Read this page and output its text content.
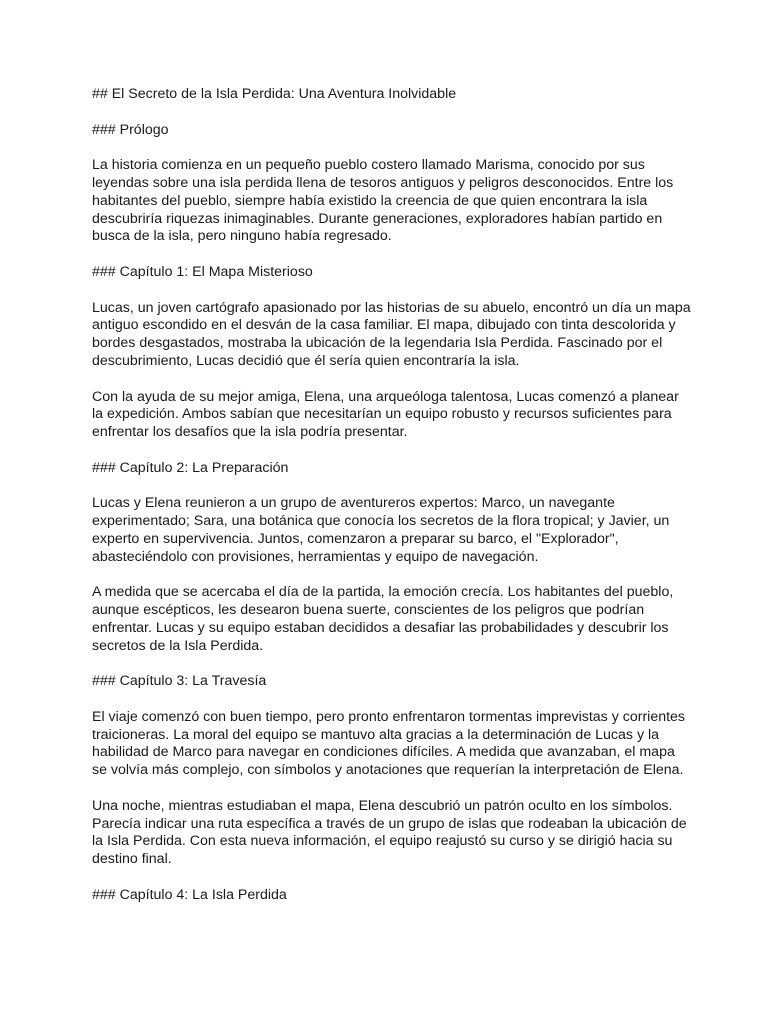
## El Secreto de la Isla Perdida: Una Aventura Inolvidable

### Prólogo

La historia comienza en un pequeño pueblo costero llamado Marisma, conocido por sus leyendas sobre una isla perdida llena de tesoros antiguos y peligros desconocidos. Entre los habitantes del pueblo, siempre había existido la creencia de que quien encontrara la isla descubriría riquezas inimaginables. Durante generaciones, exploradores habían partido en busca de la isla, pero ninguno había regresado.

### Capítulo 1: El Mapa Misterioso

Lucas, un joven cartógrafo apasionado por las historias de su abuelo, encontró un día un mapa antiguo escondido en el desván de la casa familiar. El mapa, dibujado con tinta descolorida y bordes desgastados, mostraba la ubicación de la legendaria Isla Perdida. Fascinado por el descubrimiento, Lucas decidió que él sería quien encontraría la isla.

Con la ayuda de su mejor amiga, Elena, una arqueóloga talentosa, Lucas comenzó a planear la expedición. Ambos sabían que necesitarían un equipo robusto y recursos suficientes para enfrentar los desafíos que la isla podría presentar.

### Capítulo 2: La Preparación

Lucas y Elena reunieron a un grupo de aventureros expertos: Marco, un navegante experimentado; Sara, una botánica que conocía los secretos de la flora tropical; y Javier, un experto en supervivencia. Juntos, comenzaron a preparar su barco, el "Explorador", abasteciéndolo con provisiones, herramientas y equipo de navegación.

A medida que se acercaba el día de la partida, la emoción crecía. Los habitantes del pueblo, aunque escépticos, les desearon buena suerte, conscientes de los peligros que podrían enfrentar. Lucas y su equipo estaban decididos a desafiar las probabilidades y descubrir los secretos de la Isla Perdida.

### Capítulo 3: La Travesía

El viaje comenzó con buen tiempo, pero pronto enfrentaron tormentas imprevistas y corrientes traicioneras. La moral del equipo se mantuvo alta gracias a la determinación de Lucas y la habilidad de Marco para navegar en condiciones difíciles. A medida que avanzaban, el mapa se volvía más complejo, con símbolos y anotaciones que requerían la interpretación de Elena.

Una noche, mientras estudiaban el mapa, Elena descubrió un patrón oculto en los símbolos. Parecía indicar una ruta específica a través de un grupo de islas que rodeaban la ubicación de la Isla Perdida. Con esta nueva información, el equipo reajustó su curso y se dirigió hacia su destino final.

### Capítulo 4: La Isla Perdida
